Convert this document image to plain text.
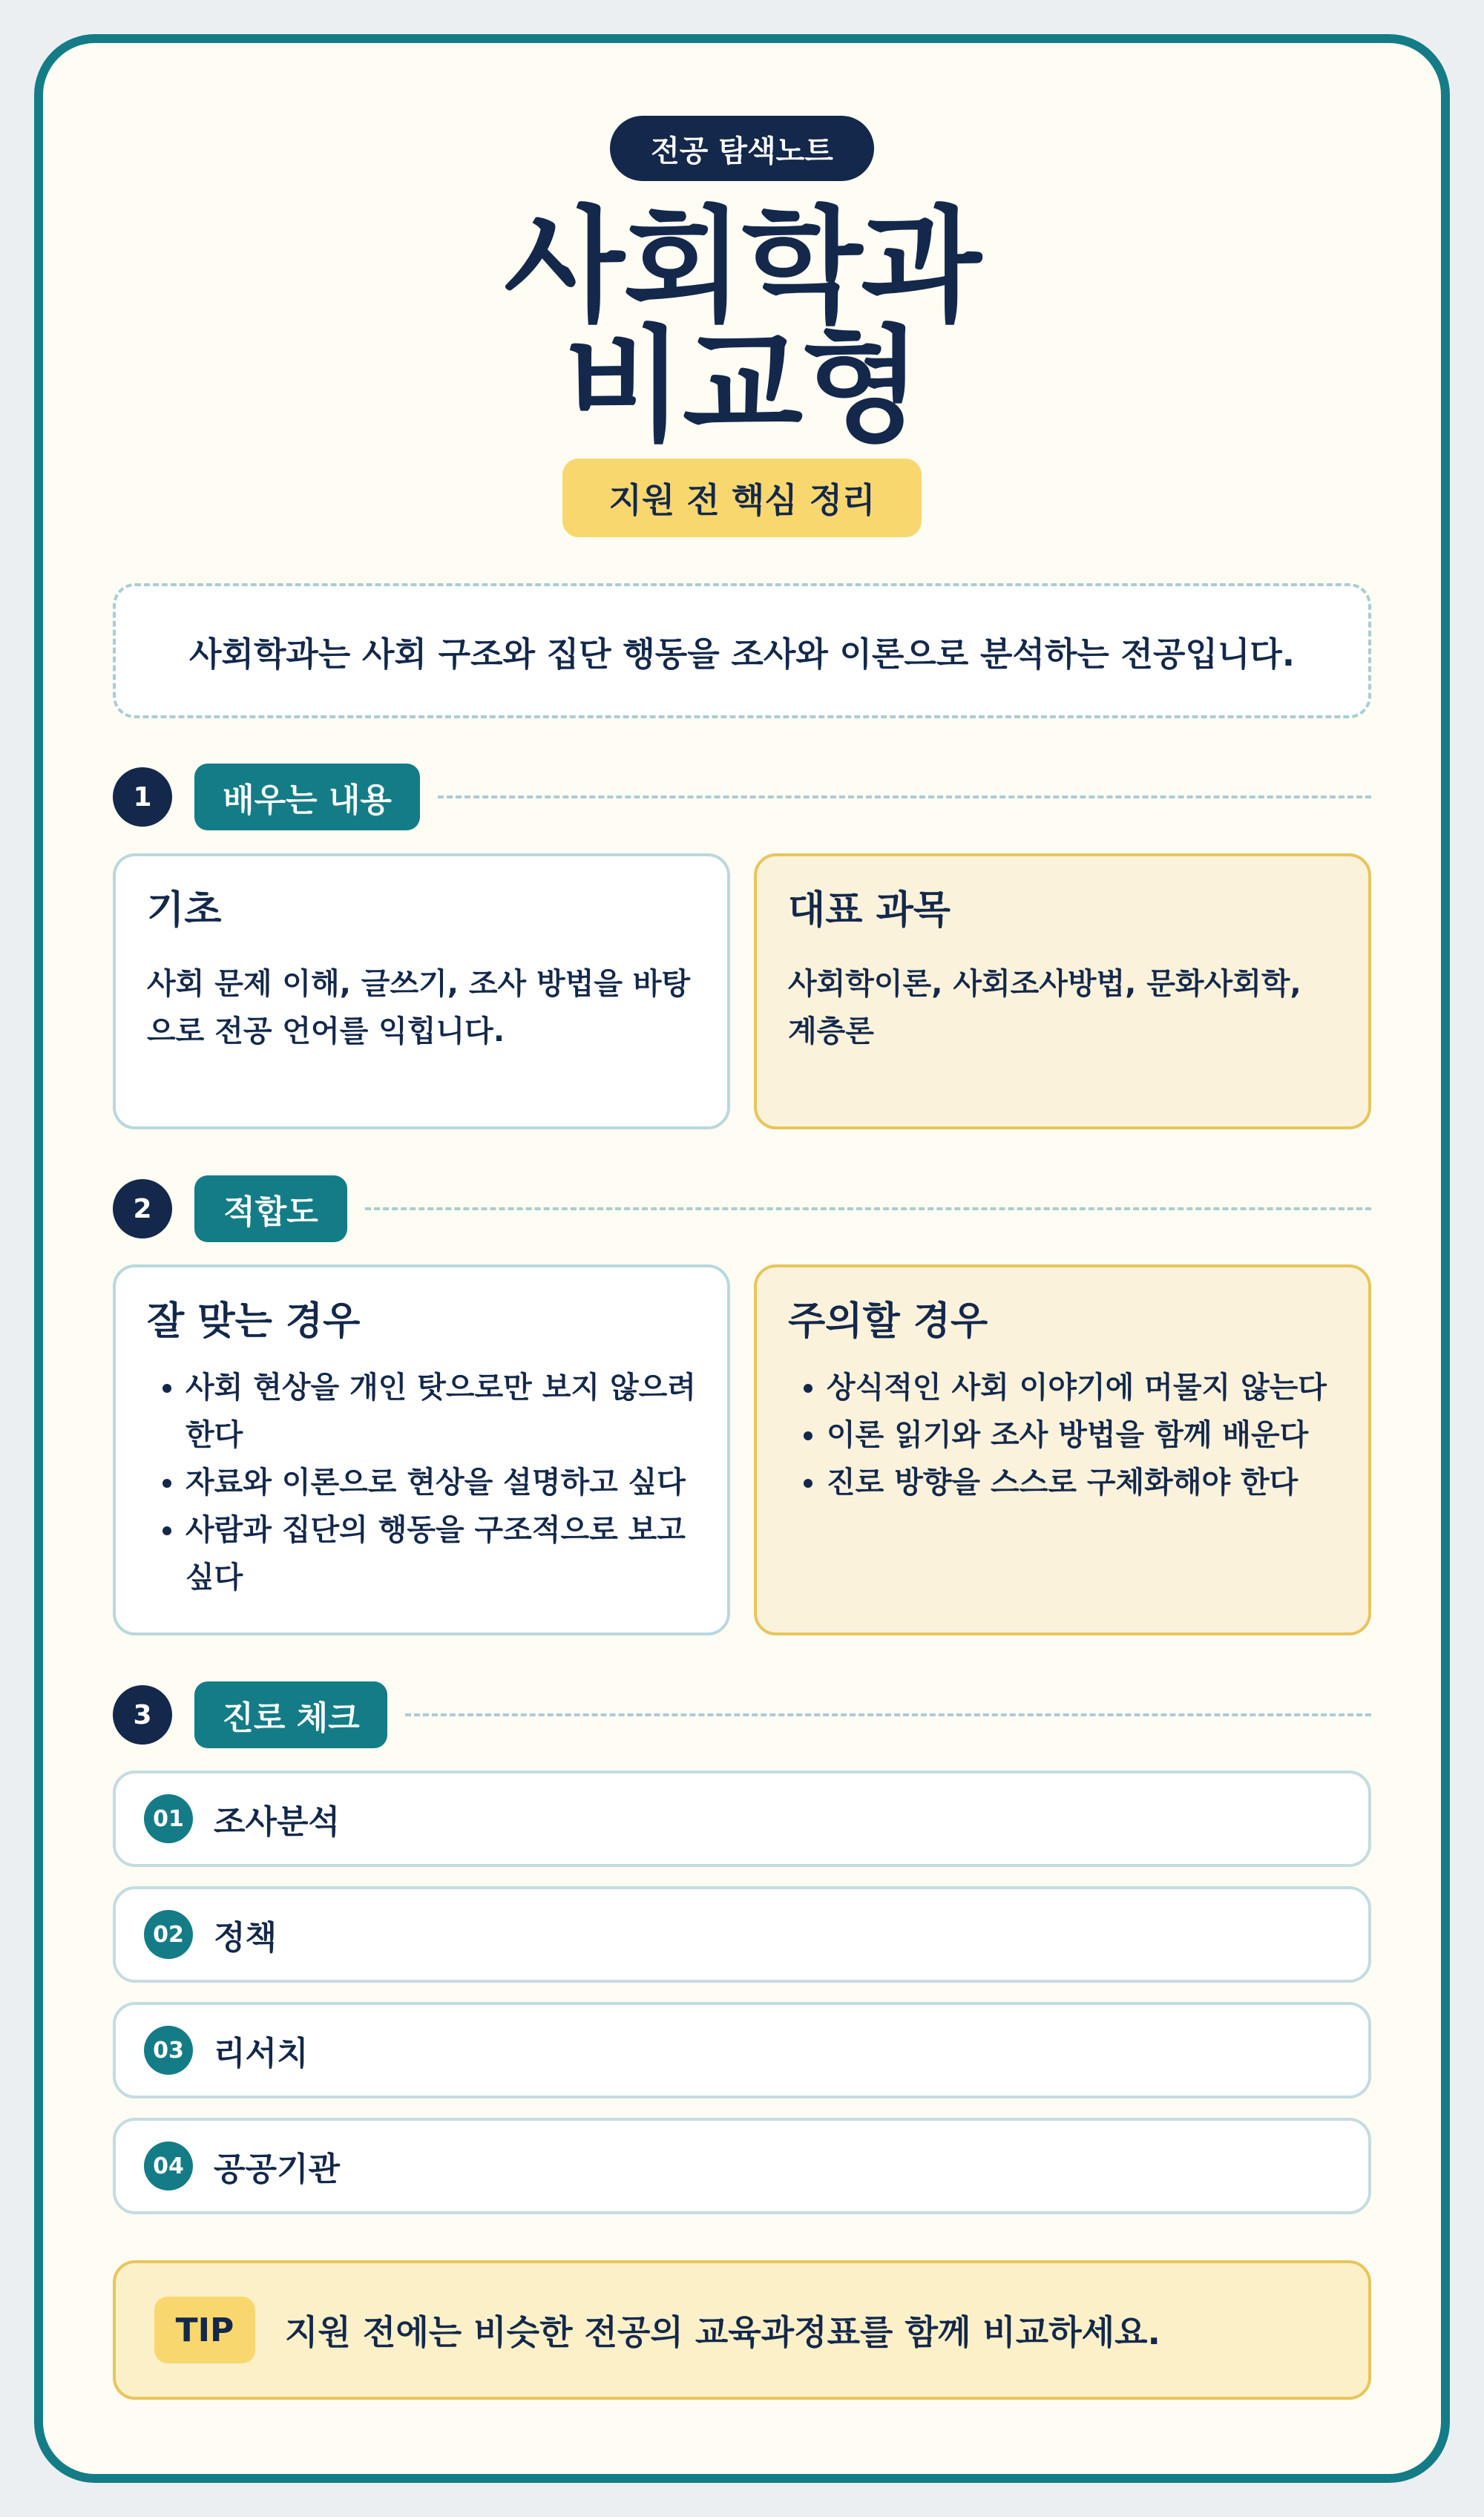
전공 탐색노트
사회학과
비교형
지원 전 핵심 정리
사회학과는 사회 구조와 집단 행동을 조사와 이론으로 분석하는 전공입니다.
1	배우는 내용
기초
사회 문제 이해, 글쓰기, 조사 방법을 바탕으로 전공 언어를 익힙니다.
대표 과목
사회학이론, 사회조사방법, 문화사회학, 계층론
2	적합도
잘 맞는 경우
• 사회 현상을 개인 탓으로만 보지 않으려 한다
• 자료와 이론으로 현상을 설명하고 싶다
• 사람과 집단의 행동을 구조적으로 보고 싶다
주의할 경우
• 상식적인 사회 이야기에 머물지 않는다
• 이론 읽기와 조사 방법을 함께 배운다
• 진로 방향을 스스로 구체화해야 한다
3	진로 체크
01 조사분석
02 정책
03 리서치
04 공공기관
TIP	지원 전에는 비슷한 전공의 교육과정표를 함께 비교하세요.
